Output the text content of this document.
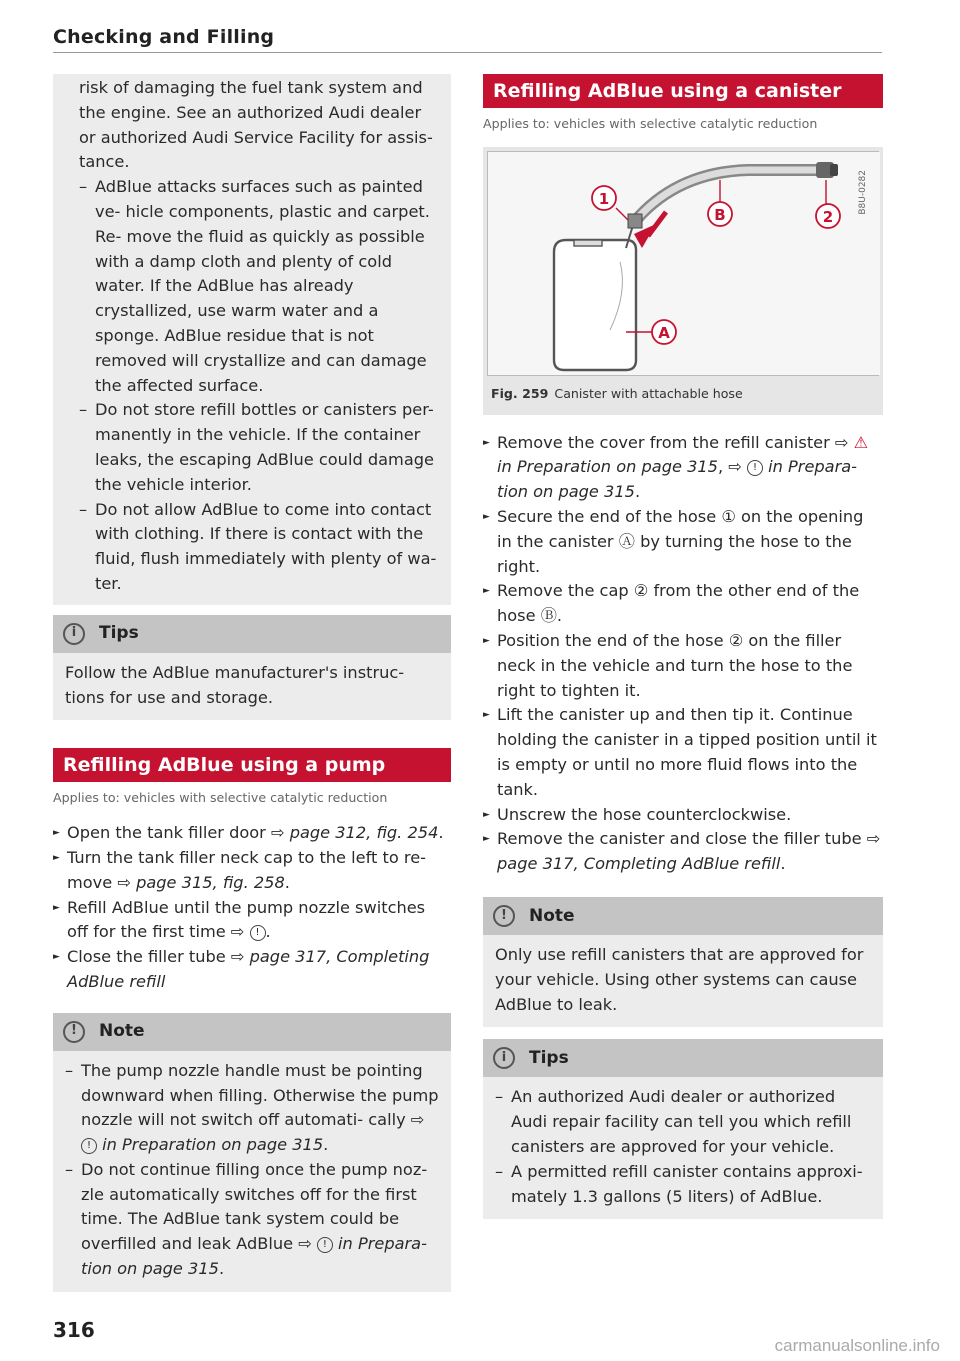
Checking and Filling

risk of damaging the fuel tank system and the engine. See an authorized Audi dealer or authorized Audi Service Facility for assis- tance.

– AdBlue attacks surfaces such as painted ve- hicle components, plastic and carpet. Re- move the fluid as quickly as possible with a damp cloth and plenty of cold water. If the AdBlue has already crystallized, use warm water and a sponge. AdBlue residue that is not removed will crystallize and can damage the affected surface.

– Do not store refill bottles or canisters per- manently in the vehicle. If the container leaks, the escaping AdBlue could damage the vehicle interior.

– Do not allow AdBlue to come into contact with clothing. If there is contact with the fluid, flush immediately with plenty of wa- ter.

i	Tips

Follow the AdBlue manufacturer's instruc- tions for use and storage.

Refilling AdBlue using a pump
Applies to: vehicles with selective catalytic reduction

► Open the tank filler door ⇨ page 312, fig. 254.

► Turn the tank filler neck cap to the left to re- move ⇨ page 315, fig. 258.

► Refill AdBlue until the pump nozzle switches off for the first time ⇨ ! .

► Close the filler tube ⇨ page 317, Completing AdBlue refill

!	Note

– The pump nozzle handle must be pointing downward when filling. Otherwise the pump nozzle will not switch off automati- cally ⇨ ! in Preparation on page 315.

– Do not continue filling once the pump noz- zle automatically switches off for the first time. The AdBlue tank system could be overfilled and leak AdBlue ⇨ ! in Prepara- tion on page 315.

Refilling AdBlue using a canister
Applies to: vehicles with selective catalytic reduction
1
B	2
A
B8U-0282
Fig. 259 Canister with attachable hose

► Remove the cover from the refill canister ⇨ ⚠ in Preparation on page 315, ⇨ ! in Prepara- tion on page 315.

► Secure the end of the hose ① on the opening in the canister Ⓐ by turning the hose to the right.

► Remove the cap ② from the other end of the hose Ⓑ.

► Position the end of the hose ② on the filler neck in the vehicle and turn the hose to the right to tighten it.

► Lift the canister up and then tip it. Continue holding the canister in a tipped position until it is empty or until no more fluid flows into the tank.

► Unscrew the hose counterclockwise.

► Remove the canister and close the filler tube ⇨ page 317, Completing AdBlue refill.

!	Note

Only use refill canisters that are approved for your vehicle. Using other systems can cause AdBlue to leak.

i	Tips

– An authorized Audi dealer or authorized Audi repair facility can tell you which refill canisters are approved for your vehicle.

– A permitted refill canister contains approxi- mately 1.3 gallons (5 liters) of AdBlue.

316
carmanualsonline.info
